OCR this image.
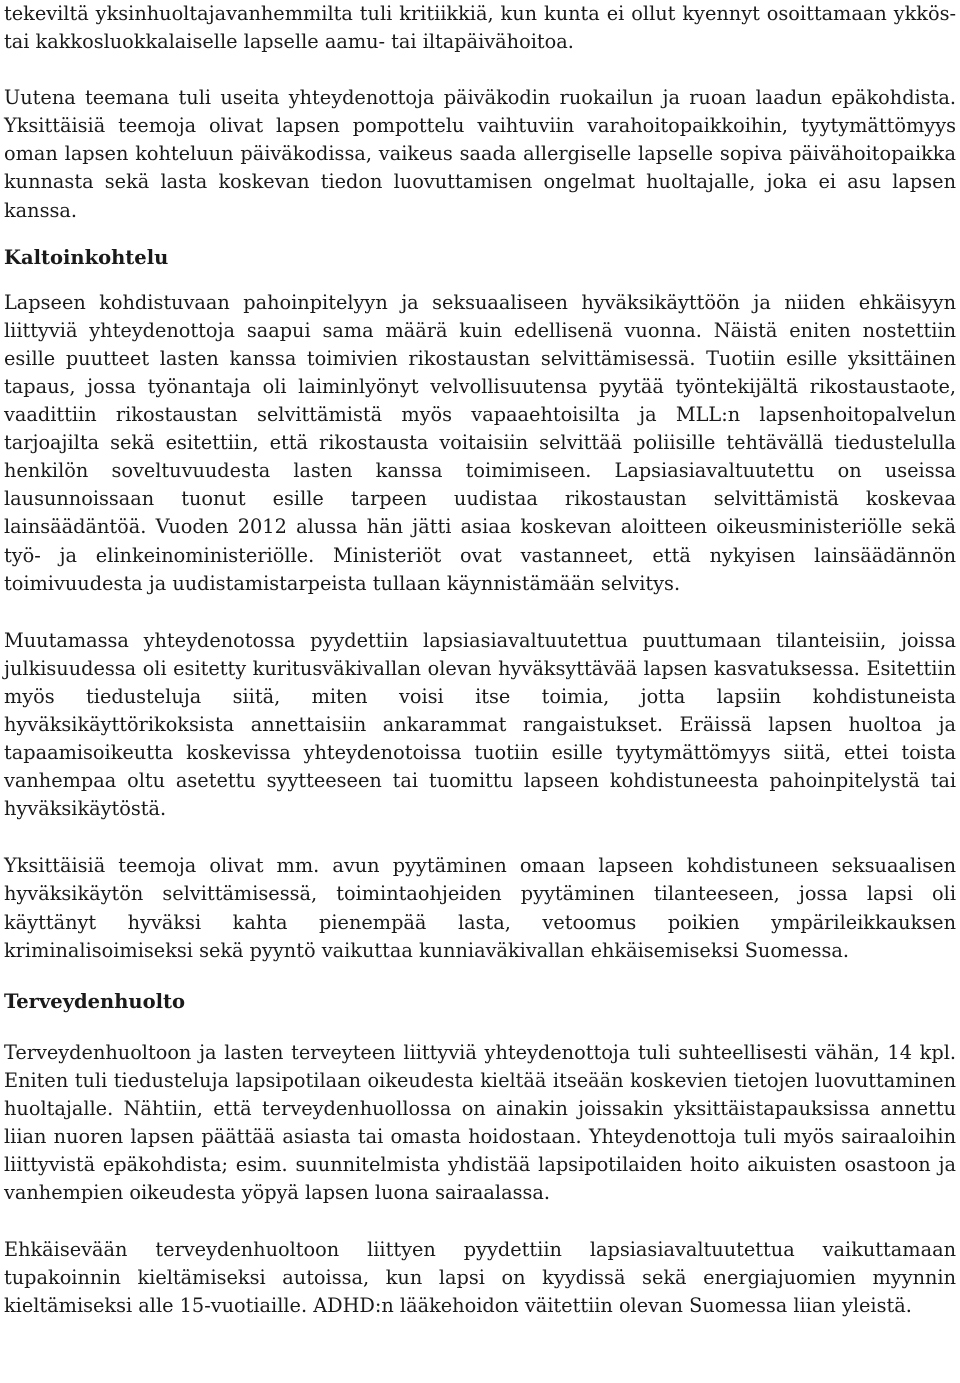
tekeviltä yksinhuoltajavanhemmilta tuli kritiikkiä, kun kunta ei ollut kyennyt osoittamaan ykkös- tai kakkosluokkalaiselle lapselle aamu- tai iltapäivähoitoa.

Uutena teemana tuli useita yhteydenottoja päiväkodin ruokailun ja ruoan laadun epäkohdista. Yksittäisiä teemoja olivat lapsen pompottelu vaihtuviin varahoitopaikkoihin, tyytymättömyys oman lapsen kohteluun päiväkodissa, vaikeus saada allergiselle lapselle sopiva päivähoitopaikka kunnasta sekä lasta koskevan tiedon luovuttamisen ongelmat huoltajalle, joka ei asu lapsen kanssa.

Kaltoinkohtelu

Lapseen kohdistuvaan pahoinpitelyyn ja seksuaaliseen hyväksikäyttöön ja niiden ehkäisyyn liittyviä yhteydenottoja saapui sama määrä kuin edellisenä vuonna. Näistä eniten nostettiin esille puutteet lasten kanssa toimivien rikostaustan selvittämisessä. Tuotiin esille yksittäinen tapaus, jossa työnantaja oli laiminlyönyt velvollisuutensa pyytää työntekijältä rikostaustaote, vaadittiin rikostaustan selvittämistä myös vapaaehtoisilta ja MLL:n lapsenhoitopalvelun tarjoajilta sekä esitettiin, että rikostausta voitaisiin selvittää poliisille tehtävällä tiedustelulla henkilön soveltuvuudesta lasten kanssa toimimiseen. Lapsiasiavaltuutettu on useissa lausunnoissaan tuonut esille tarpeen uudistaa rikostaustan selvittämistä koskevaa lainsäädäntöä. Vuoden 2012 alussa hän jätti asiaa koskevan aloitteen oikeusministeriölle sekä työ- ja elinkeinoministeriölle. Ministeriöt ovat vastanneet, että nykyisen lainsäädännön toimivuudesta ja uudistamistarpeista tullaan käynnistämään selvitys.

Muutamassa yhteydenotossa pyydettiin lapsiasiavaltuutettua puuttumaan tilanteisiin, joissa julkisuudessa oli esitetty kuritusväkivallan olevan hyväksyttävää lapsen kasvatuksessa. Esitettiin myös tiedusteluja siitä, miten voisi itse toimia, jotta lapsiin kohdistuneista hyväksikäyttörikoksista annettaisiin ankarammat rangaistukset. Eräissä lapsen huoltoa ja tapaamisoikeutta koskevissa yhteydenotoissa tuotiin esille tyytymättömyys siitä, ettei toista vanhempaa oltu asetettu syytteeseen tai tuomittu lapseen kohdistuneesta pahoinpitelystä tai hyväksikäytöstä.

Yksittäisiä teemoja olivat mm. avun pyytäminen omaan lapseen kohdistuneen seksuaalisen hyväksikäytön selvittämisessä, toimintaohjeiden pyytäminen tilanteeseen, jossa lapsi oli käyttänyt hyväksi kahta pienempää lasta, vetoomus poikien ympärileikkauksen kriminalisoimiseksi sekä pyyntö vaikuttaa kunniaväkivallan ehkäisemiseksi Suomessa.

Terveydenhuolto

Terveydenhuoltoon ja lasten terveyteen liittyviä yhteydenottoja tuli suhteellisesti vähän, 14 kpl. Eniten tuli tiedusteluja lapsipotilaan oikeudesta kieltää itseään koskevien tietojen luovuttaminen huoltajalle. Nähtiin, että terveydenhuollossa on ainakin joissakin yksittäistapauksissa annettu liian nuoren lapsen päättää asiasta tai omasta hoidostaan. Yhteydenottoja tuli myös sairaaloihin liittyvistä epäkohdista; esim. suunnitelmista yhdistää lapsipotilaiden hoito aikuisten osastoon ja vanhempien oikeudesta yöpyä lapsen luona sairaalassa.

Ehkäisevään terveydenhuoltoon liittyen pyydettiin lapsiasiavaltuutettua vaikuttamaan tupakoinnin kieltämiseksi autoissa, kun lapsi on kyydissä sekä energiajuomien myynnin kieltämiseksi alle 15-vuotiaille. ADHD:n lääkehoidon väitettiin olevan Suomessa liian yleistä.
